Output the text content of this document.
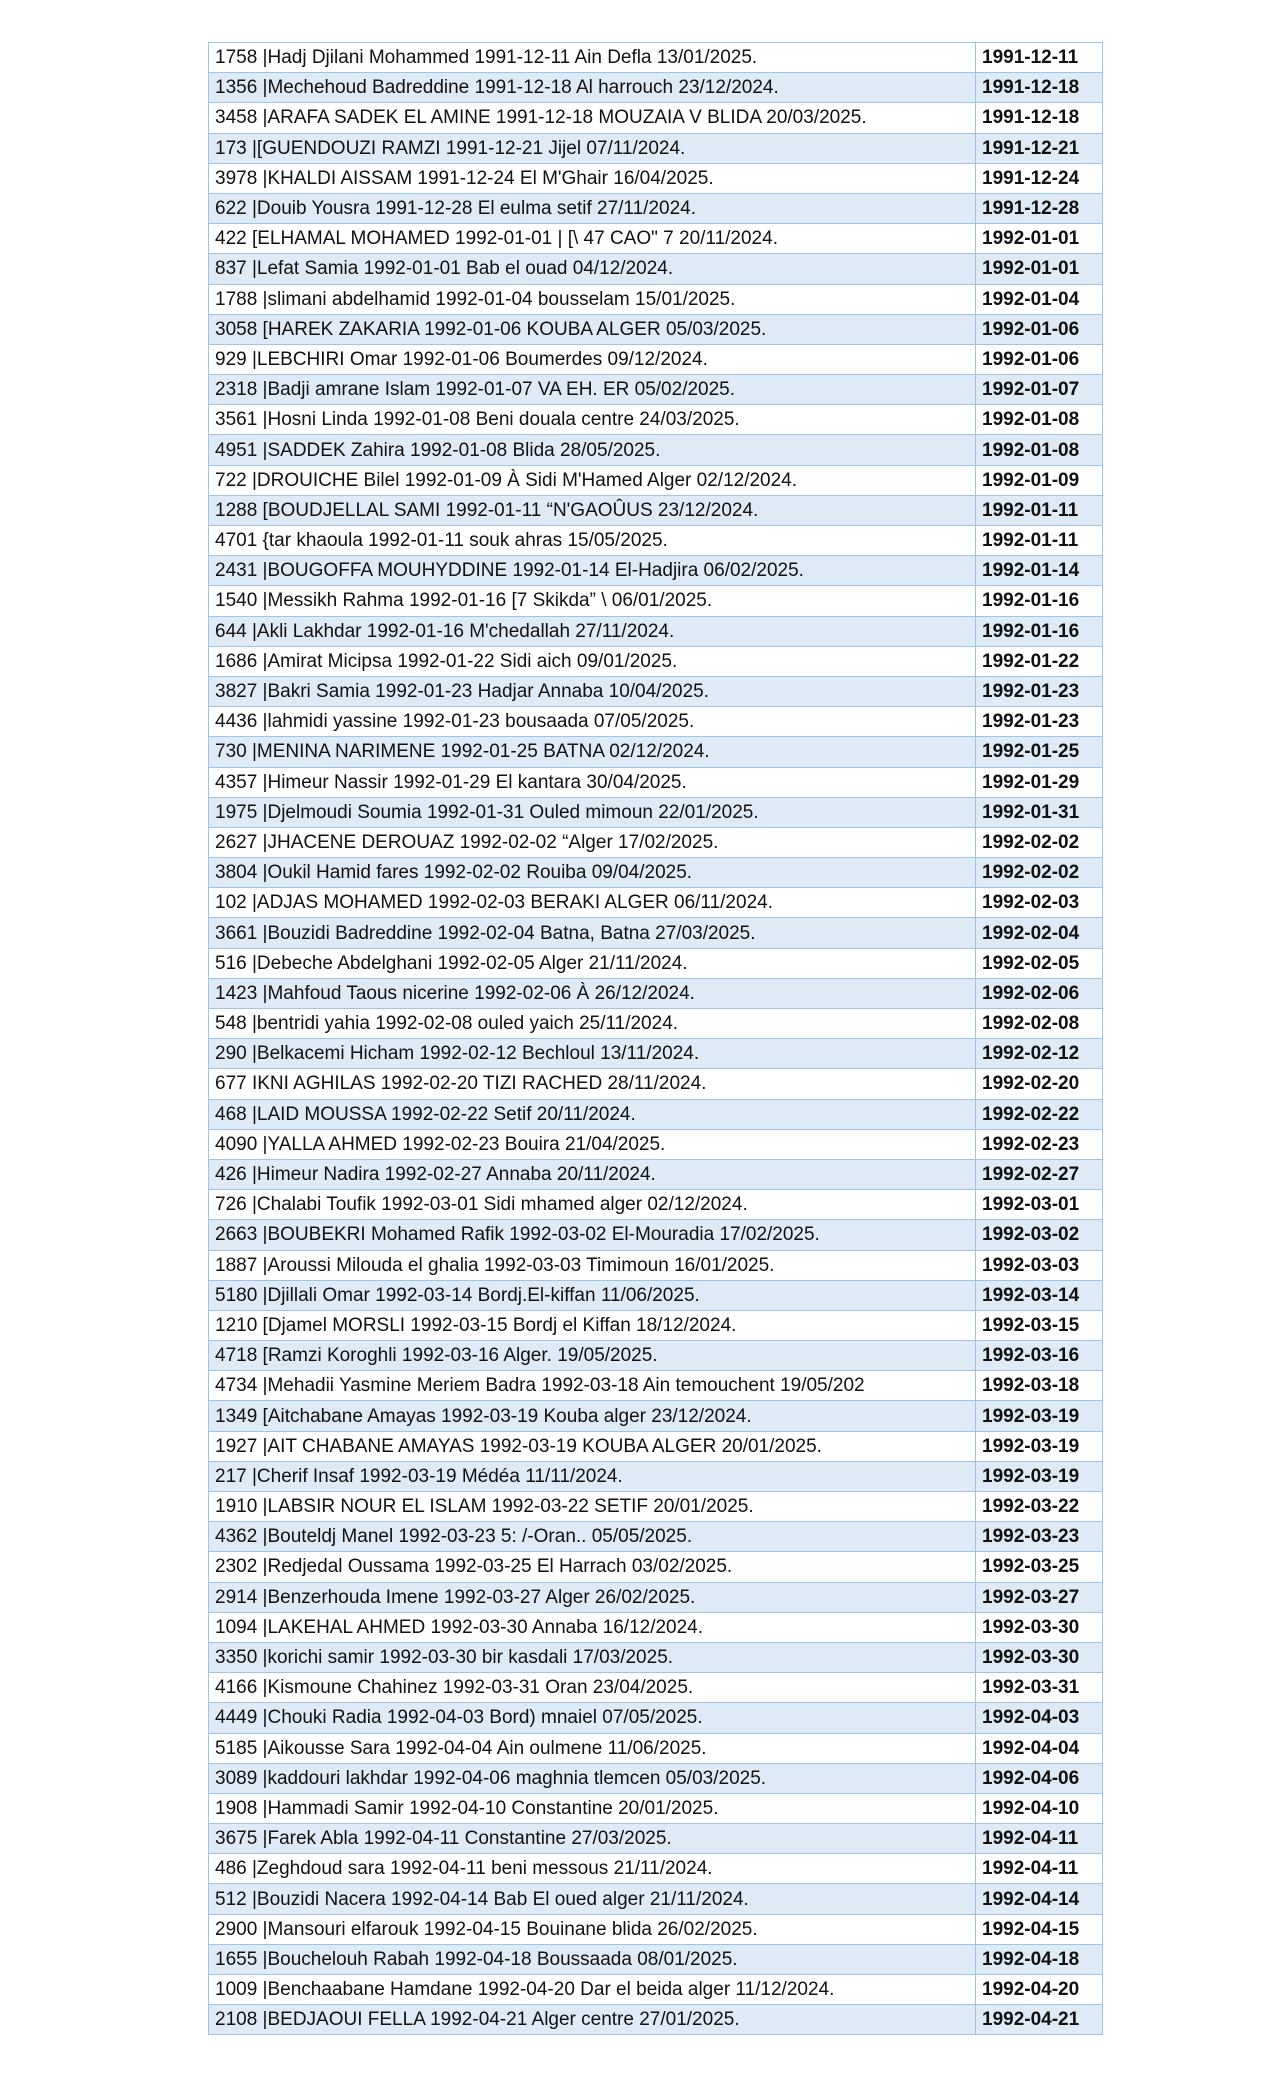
1758 |Hadj Djilani Mohammed 1991-12-11 Ain Defla 13/01/2025.	1991-12-11
1356 |Mechehoud Badreddine 1991-12-18 Al harrouch 23/12/2024.	1991-12-18
3458 |ARAFA SADEK EL AMINE 1991-12-18 MOUZAIA V BLIDA 20/03/2025.	1991-12-18
173 |[GUENDOUZI RAMZI 1991-12-21 Jijel 07/11/2024.	1991-12-21
3978 |KHALDI AISSAM 1991-12-24 El M'Ghair 16/04/2025.	1991-12-24
622 |Douib Yousra 1991-12-28 El eulma setif 27/11/2024.	1991-12-28
422 [ELHAMAL MOHAMED 1992-01-01 | [\ 47 CAO" 7 20/11/2024.	1992-01-01
837 |Lefat Samia 1992-01-01 Bab el ouad 04/12/2024.	1992-01-01
1788 |slimani abdelhamid 1992-01-04 bousselam 15/01/2025.	1992-01-04
3058 [HAREK ZAKARIA 1992-01-06 KOUBA ALGER 05/03/2025.	1992-01-06
929 |LEBCHIRI Omar 1992-01-06 Boumerdes 09/12/2024.	1992-01-06
2318 |Badji amrane Islam 1992-01-07 VA EH. ER 05/02/2025.	1992-01-07
3561 |Hosni Linda 1992-01-08 Beni douala centre 24/03/2025.	1992-01-08
4951 |SADDEK Zahira 1992-01-08 Blida 28/05/2025.	1992-01-08
722 |DROUICHE Bilel 1992-01-09 À Sidi M'Hamed Alger 02/12/2024.	1992-01-09
1288 [BOUDJELLAL SAMI 1992-01-11 “N'GAOÛUS 23/12/2024.	1992-01-11
4701 {tar khaoula 1992-01-11 souk ahras 15/05/2025.	1992-01-11
2431 |BOUGOFFA MOUHYDDINE 1992-01-14 El-Hadjira 06/02/2025.	1992-01-14
1540 |Messikh Rahma 1992-01-16 [7 Skikda” \ 06/01/2025.	1992-01-16
644 |Akli Lakhdar 1992-01-16 M'chedallah 27/11/2024.	1992-01-16
1686 |Amirat Micipsa 1992-01-22 Sidi aich 09/01/2025.	1992-01-22
3827 |Bakri Samia 1992-01-23 Hadjar Annaba 10/04/2025.	1992-01-23
4436 |lahmidi yassine 1992-01-23 bousaada 07/05/2025.	1992-01-23
730 |MENINA NARIMENE 1992-01-25 BATNA 02/12/2024.	1992-01-25
4357 |Himeur Nassir 1992-01-29 El kantara 30/04/2025.	1992-01-29
1975 |Djelmoudi Soumia 1992-01-31 Ouled mimoun 22/01/2025.	1992-01-31
2627 |JHACENE DEROUAZ 1992-02-02 “Alger 17/02/2025.	1992-02-02
3804 |Oukil Hamid fares 1992-02-02 Rouiba 09/04/2025.	1992-02-02
102 |ADJAS MOHAMED 1992-02-03 BERAKI ALGER 06/11/2024.	1992-02-03
3661 |Bouzidi Badreddine 1992-02-04 Batna, Batna 27/03/2025.	1992-02-04
516 |Debeche Abdelghani 1992-02-05 Alger 21/11/2024.	1992-02-05
1423 |Mahfoud Taous nicerine 1992-02-06 À 26/12/2024.	1992-02-06
548 |bentridi yahia 1992-02-08 ouled yaich 25/11/2024.	1992-02-08
290 |Belkacemi Hicham 1992-02-12 Bechloul 13/11/2024.	1992-02-12
677 IKNI AGHILAS 1992-02-20 TIZI RACHED 28/11/2024.	1992-02-20
468 |LAID MOUSSA 1992-02-22 Setif 20/11/2024.	1992-02-22
4090 |YALLA AHMED 1992-02-23 Bouira 21/04/2025.	1992-02-23
426 |Himeur Nadira 1992-02-27 Annaba 20/11/2024.	1992-02-27
726 |Chalabi Toufik 1992-03-01 Sidi mhamed alger 02/12/2024.	1992-03-01
2663 |BOUBEKRI Mohamed Rafik 1992-03-02 El-Mouradia 17/02/2025.	1992-03-02
1887 |Aroussi Milouda el ghalia 1992-03-03 Timimoun 16/01/2025.	1992-03-03
5180 |Djillali Omar 1992-03-14 Bordj.El-kiffan 11/06/2025.	1992-03-14
1210 [Djamel MORSLI 1992-03-15 Bordj el Kiffan 18/12/2024.	1992-03-15
4718 [Ramzi Koroghli 1992-03-16 Alger. 19/05/2025.	1992-03-16
4734 |Mehadii Yasmine Meriem Badra 1992-03-18 Ain temouchent 19/05/202	1992-03-18
1349 [Aitchabane Amayas 1992-03-19 Kouba alger 23/12/2024.	1992-03-19
1927 |AIT CHABANE AMAYAS 1992-03-19 KOUBA ALGER 20/01/2025.	1992-03-19
217 |Cherif Insaf 1992-03-19 Médéa 11/11/2024.	1992-03-19
1910 |LABSIR NOUR EL ISLAM 1992-03-22 SETIF 20/01/2025.	1992-03-22
4362 |Bouteldj Manel 1992-03-23 5: /-Oran.. 05/05/2025.	1992-03-23
2302 |Redjedal Oussama 1992-03-25 El Harrach 03/02/2025.	1992-03-25
2914 |Benzerhouda Imene 1992-03-27 Alger 26/02/2025.	1992-03-27
1094 |LAKEHAL AHMED 1992-03-30 Annaba 16/12/2024.	1992-03-30
3350 |korichi samir 1992-03-30 bir kasdali 17/03/2025.	1992-03-30
4166 |Kismoune Chahinez 1992-03-31 Oran 23/04/2025.	1992-03-31
4449 |Chouki Radia 1992-04-03 Bord) mnaiel 07/05/2025.	1992-04-03
5185 |Aikousse Sara 1992-04-04 Ain oulmene 11/06/2025.	1992-04-04
3089 |kaddouri lakhdar 1992-04-06 maghnia tlemcen 05/03/2025.	1992-04-06
1908 |Hammadi Samir 1992-04-10 Constantine 20/01/2025.	1992-04-10
3675 |Farek Abla 1992-04-11 Constantine 27/03/2025.	1992-04-11
486 |Zeghdoud sara 1992-04-11 beni messous 21/11/2024.	1992-04-11
512 |Bouzidi Nacera 1992-04-14 Bab El oued alger 21/11/2024.	1992-04-14
2900 |Mansouri elfarouk 1992-04-15 Bouinane blida 26/02/2025.	1992-04-15
1655 |Bouchelouh Rabah 1992-04-18 Boussaada 08/01/2025.	1992-04-18
1009 |Benchaabane Hamdane 1992-04-20 Dar el beida alger 11/12/2024.	1992-04-20
2108 |BEDJAOUI FELLA 1992-04-21 Alger centre 27/01/2025.	1992-04-21
